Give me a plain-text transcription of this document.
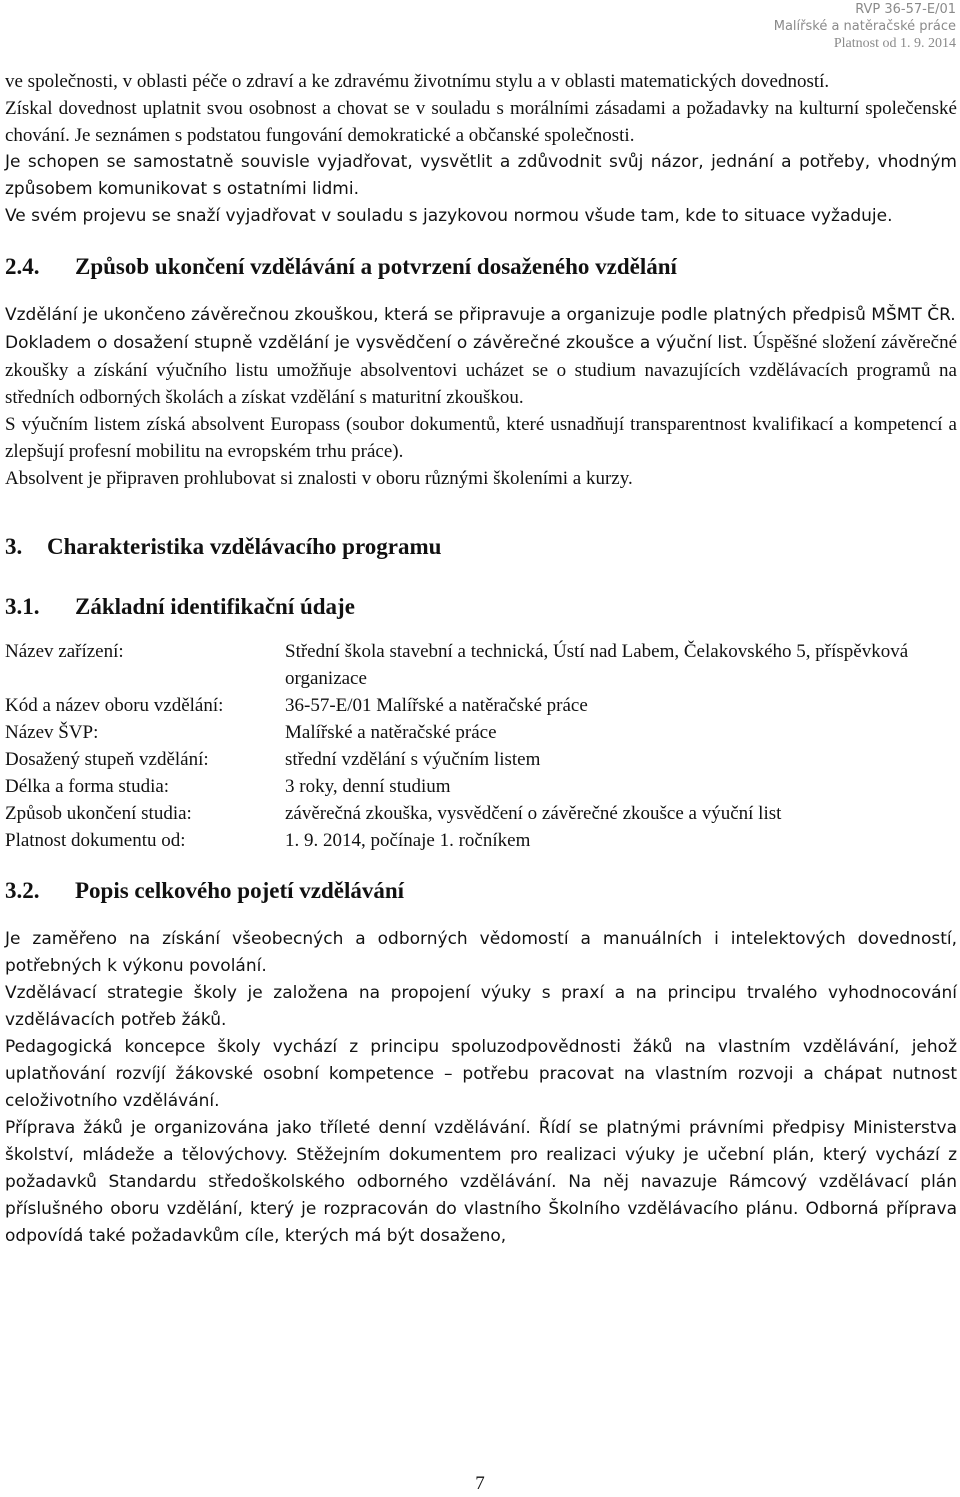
RVP 36-57-E/01
Malířské a natěračské práce
Platnost od 1. 9. 2014

ve společnosti, v oblasti péče o zdraví a ke zdravému životnímu stylu a v oblasti matematických dovedností.

Získal dovednost uplatnit svou osobnost a chovat se v souladu s morálními zásadami a požadavky na kulturní společenské chování. Je seznámen s podstatou fungování demokratické a občanské společnosti.

Je schopen se samostatně souvisle vyjadřovat, vysvětlit a zdůvodnit svůj názor, jednání a potřeby, vhodným způsobem komunikovat s ostatními lidmi.

Ve svém projevu se snaží vyjadřovat v souladu s jazykovou normou všude tam, kde to situace vyžaduje.

2.4. Způsob ukončení vzdělávání a potvrzení dosaženého vzdělání

Vzdělání je ukončeno závěrečnou zkouškou, která se připravuje a organizuje podle platných předpisů MŠMT ČR.

Dokladem o dosažení stupně vzdělání je vysvědčení o závěrečné zkoušce a výuční list. Úspěšné složení závěrečné zkoušky a získání výučního listu umožňuje absolventovi ucházet se o studium navazujících vzdělávacích programů na středních odborných školách a získat vzdělání s maturitní zkouškou.

S výučním listem získá absolvent Europass (soubor dokumentů, které usnadňují transparentnost kvalifikací a kompetencí a zlepšují profesní mobilitu na evropském trhu práce).

Absolvent je připraven prohlubovat si znalosti v oboru různými školeními a kurzy.

3. Charakteristika vzdělávacího programu
3.1. Základní identifikační údaje
Název zařízení:	Střední škola stavební a technická, Ústí nad Labem, Čelakovského 5, příspěvková organizace
Kód a název oboru vzdělání:	36-57-E/01 Malířské a natěračské práce
Název ŠVP:	Malířské a natěračské práce
Dosažený stupeň vzdělání:	střední vzdělání s výučním listem
Délka a forma studia:	3 roky, denní studium
Způsob ukončení studia:	závěrečná zkouška, vysvědčení o závěrečné zkoušce a výuční list
Platnost dokumentu od:	1. 9. 2014, počínaje 1. ročníkem
3.2. Popis celkového pojetí vzdělávání

Je zaměřeno na získání všeobecných a odborných vědomostí a manuálních i intelektových dovedností, potřebných k výkonu povolání.

Vzdělávací strategie školy je založena na propojení výuky s praxí a na principu trvalého vyhodnocování vzdělávacích potřeb žáků.

Pedagogická koncepce školy vychází z principu spoluzodpovědnosti žáků na vlastním vzdělávání, jehož uplatňování rozvíjí žákovské osobní kompetence – potřebu pracovat na vlastním rozvoji a chápat nutnost celoživotního vzdělávání.

Příprava žáků je organizována jako tříleté denní vzdělávání. Řídí se platnými právními předpisy Ministerstva školství, mládeže a tělovýchovy. Stěžejním dokumentem pro realizaci výuky je učební plán, který vychází z požadavků Standardu středoškolského odborného vzdělávání. Na něj navazuje Rámcový vzdělávací plán příslušného oboru vzdělání, který je rozpracován do vlastního Školního vzdělávacího plánu. Odborná příprava odpovídá také požadavkům cíle, kterých má být dosaženo,

7
